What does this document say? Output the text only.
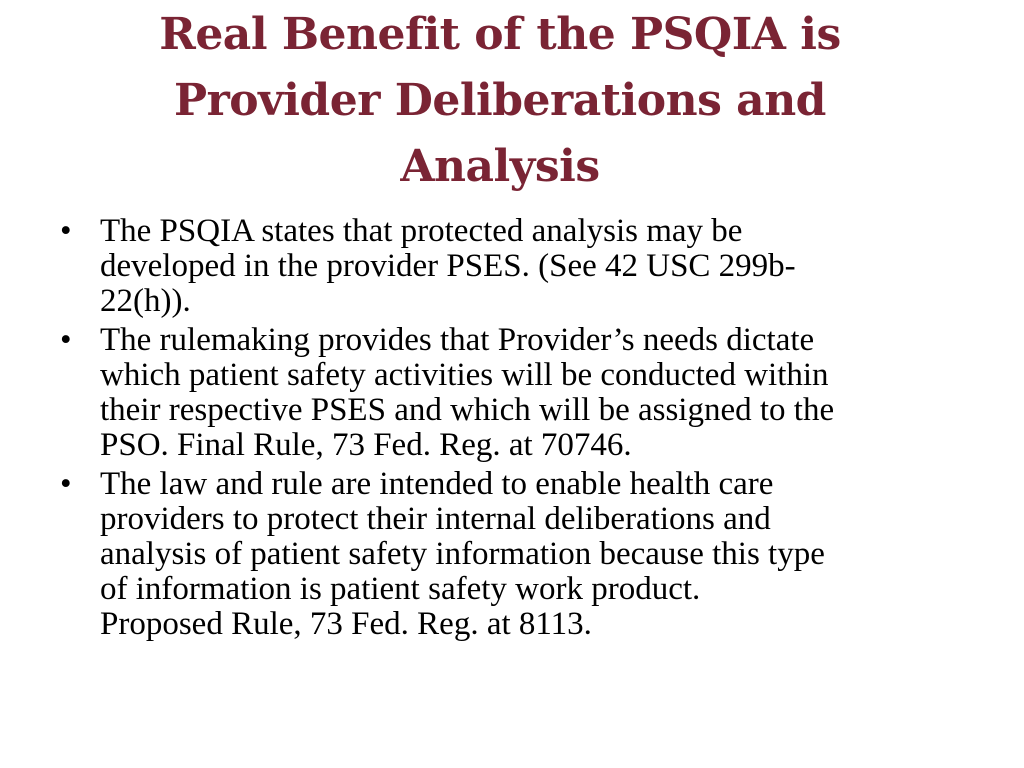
Real Benefit of the PSQIA is
Provider Deliberations and
Analysis
• The PSQIA states that protected analysis may be
developed in the provider PSES. (See 42 USC 299b-
22(h)).
• The rulemaking provides that Provider’s needs dictate
which patient safety activities will be conducted within
their respective PSES and which will be assigned to the
PSO. Final Rule, 73 Fed. Reg. at 70746.
• The law and rule are intended to enable health care
providers to protect their internal deliberations and
analysis of patient safety information because this type
of information is patient safety work product.
Proposed Rule, 73 Fed. Reg. at 8113.
